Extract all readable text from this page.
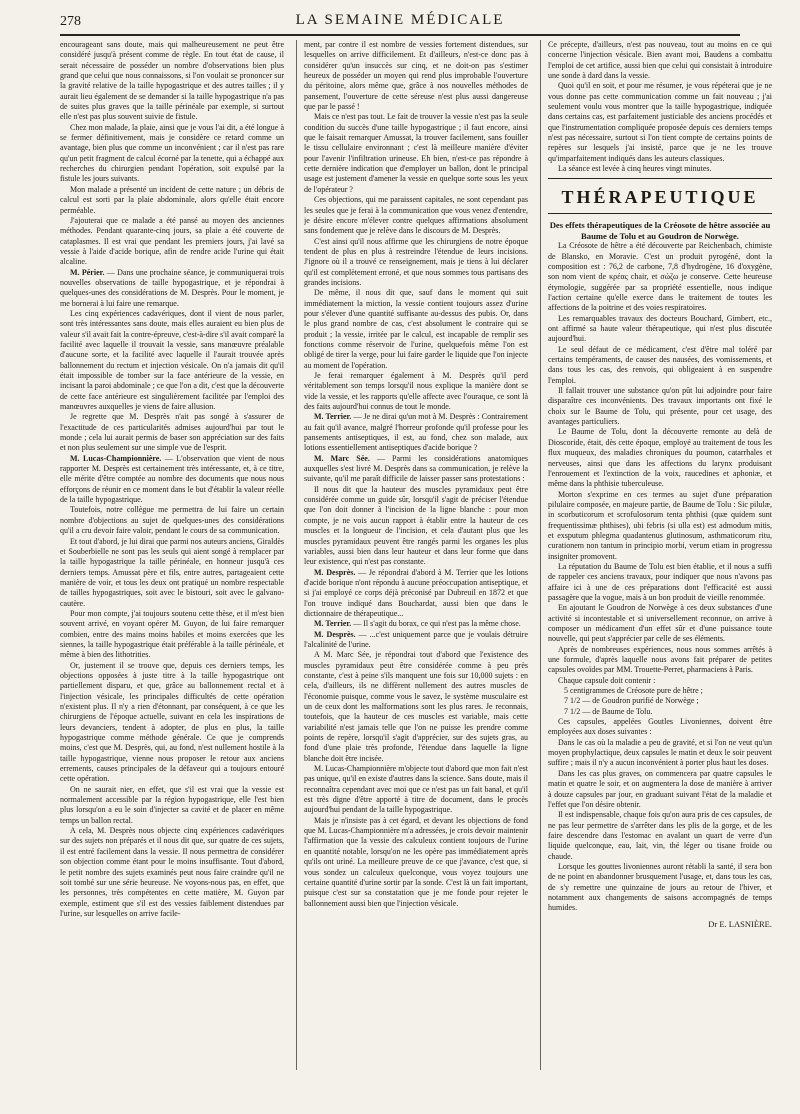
278	LA SEMAINE MÉDICALE

encourageant sans doute, mais qui malheureusement ne peut être considéré jusqu'à présent comme de règle. En tout état de cause, il serait nécessaire de posséder un nombre d'observations bien plus grand que celui que nous connaissons, si l'on voulait se prononcer sur la gravité relative de la taille hypogastrique et des autres tailles ; il y aurait lieu également de se demander si la taille hypogastrique n'a pas de suites plus graves que la taille périnéale par exemple, si surtout elle n'est pas plus souvent suivie de fistule.

Chez mon malade, la plaie, ainsi que je vous l'ai dit, a été longue à se fermer définitivement, mais je considère ce retard comme un avantage, bien plus que comme un inconvénient ; car il n'est pas rare qu'un petit fragment de calcul écorné par la tenette, qui a échappé aux recherches du chirurgien pendant l'opération, soit expulsé par la fistule les jours suivants.

Mon malade a présenté un incident de cette nature ; un débris de calcul est sorti par la plaie abdominale, alors qu'elle était encore perméable.

J'ajouterai que ce malade a été pansé au moyen des anciennes méthodes. Pendant quarante-cinq jours, sa plaie a été couverte de cataplasmes. Il est vrai que pendant les premiers jours, j'ai lavé sa vessie à l'aide d'acide borique, afin de rendre acide l'urine qui était alcaline.

M. Périer. — Dans une prochaine séance, je communiquerai trois nouvelles observations de taille hypogastrique, et je répondrai à quelques-unes des considérations de M. Desprès. Pour le moment, je me bornerai à lui faire une remarque.

Les cinq expériences cadavériques, dont il vient de nous parler, sont très intéressantes sans doute, mais elles auraient eu bien plus de valeur s'il avait fait la contre-épreuve, c'est-à-dire s'il avait comparé la facilité avec laquelle il trouvait la vessie, sans manœuvre préalable d'aucune sorte, et la facilité avec laquelle il l'aurait trouvée après ballonnement du rectum et injection vésicale. On n'a jamais dit qu'il était impossible de tomber sur la face antérieure de la vessie, en incisant la paroi abdominale ; ce que l'on a dit, c'est que la découverte de cette face antérieure est singulièrement facilitée par l'emploi des manœuvres auxquelles je viens de faire allusion.

Je regrette que M. Desprès n'ait pas songé à s'assurer de l'exactitude de ces particularités admises aujourd'hui par tout le monde ; cela lui aurait permis de baser son appréciation sur des faits et non plus seulement sur une simple vue de l'esprit.

M. Lucas-Championnière. — L'observation que vient de nous rapporter M. Desprès est certainement très intéressante, et, à ce titre, elle mérite d'être comptée au nombre des documents que nous nous efforçons de réunir en ce moment dans le but d'établir la valeur réelle de la taille hypogastrique.

Toutefois, notre collègue me permettra de lui faire un certain nombre d'objections au sujet de quelques-unes des considérations qu'il a cru devoir faire valoir, pendant le cours de sa communication.

Et tout d'abord, je lui dirai que parmi nos auteurs anciens, Giraldès et Souberbielle ne sont pas les seuls qui aient songé à remplacer par la taille hypogastrique la taille périnéale, en honneur jusqu'à ces derniers temps. Amussat père et fils, entre autres, partageaient cette manière de voir, et tous les deux ont pratiqué un nombre respectable de tailles hypogastriques, soit avec le bistouri, soit avec le galvano-cautère.

Pour mon compte, j'ai toujours soutenu cette thèse, et il m'est bien souvent arrivé, en voyant opérer M. Guyon, de lui faire remarquer combien, entre des mains moins habiles et moins exercées que les siennes, la taille hypogastrique était préférable à la taille périnéale, et même à bien des lithotrities.

Or, justement il se trouve que, depuis ces derniers temps, les objections opposées à juste titre à la taille hypogastrique ont partiellement disparu, et que, grâce au ballonnement rectal et à l'injection vésicale, les principales difficultés de cette opération n'existent plus. Il n'y a rien d'étonnant, par conséquent, à ce que les chirurgiens de l'époque actuelle, suivant en cela les inspirations de leurs devanciers, tendent à adopter, de plus en plus, la taille hypogastrique comme méthode générale. Ce que je comprends moins, c'est que M. Desprès, qui, au fond, n'est nullement hostile à la taille hypogastrique, vienne nous proposer le retour aux anciens errements, causes principales de la défaveur qui a toujours entouré cette opération.

On ne saurait nier, en effet, que s'il est vrai que la vessie est normalement accessible par la région hypogastrique, elle l'est bien plus lorsqu'on a eu le soin d'injecter sa cavité et de placer en même temps un ballon rectal.

A cela, M. Desprès nous objecte cinq expériences cadavériques sur des sujets non préparés et il nous dit que, sur quatre de ces sujets, il est entré facilement dans la vessie. Il nous permettra de considérer son objection comme étant pour le moins insuffisante. Tout d'abord, le petit nombre des sujets examinés peut nous faire craindre qu'il ne soit tombé sur une série heureuse. Ne voyons-nous pas, en effet, que les personnes, très compétentes en cette matière, M. Guyon par exemple, estiment que s'il est des vessies faiblement distendues par l'urine, sur lesquelles on arrive facile-

ment, par contre il est nombre de vessies fortement distendues, sur lesquelles on arrive difficilement. Et d'ailleurs, n'est-ce donc pas à considérer qu'un insuccès sur cinq, et ne doit-on pas s'estimer heureux de posséder un moyen qui rend plus improbable l'ouverture du péritoine, alors même que, grâce à nos nouvelles méthodes de pansement, l'ouverture de cette séreuse n'est plus aussi dangereuse que par le passé !

Mais ce n'est pas tout. Le fait de trouver la vessie n'est pas la seule condition du succès d'une taille hypogastrique ; il faut encore, ainsi que le faisait remarquer Amussat, la trouver facilement, sans fouiller le tissu cellulaire environnant ; c'est là meilleure manière d'éviter pour l'avenir l'infiltration urineuse. Eh bien, n'est-ce pas répondre à cette dernière indication que d'employer un ballon, dont le principal usage est justement d'amener la vessie en quelque sorte sous les yeux de l'opérateur ?

Ces objections, qui me paraissent capitales, ne sont cependant pas les seules que je ferai à la communication que vous venez d'entendre, je désire encore m'élever contre quelques affirmations absolument sans fondement que je relève dans le discours de M. Desprès.

C'est ainsi qu'il nous affirme que les chirurgiens de notre époque tendent de plus en plus à restreindre l'étendue de leurs incisions. J'ignore où il a trouvé ce renseignement, mais je tiens à lui déclarer qu'il est complètement erroné, et que nous sommes tous partisans des grandes incisions.

De même, il nous dit que, sauf dans le moment qui suit immédiatement la miction, la vessie contient toujours assez d'urine pour s'élever d'une quantité suffisante au-dessus des pubis. Or, dans le plus grand nombre de cas, c'est absolument le contraire qui se produit ; la vessie, irritée par le calcul, est incapable de remplir ses fonctions comme réservoir de l'urine, quelquefois même l'on est obligé de tirer la verge, pour lui faire garder le liquide que l'on injecte au moment de l'opération.

Je ferai remarquer également à M. Desprès qu'il perd véritablement son temps lorsqu'il nous explique la manière dont se vide la vessie, et les rapports qu'elle affecte avec l'ouraque, ce sont là des faits aujourd'hui connus de tout le monde.

M. Terrier. — Je ne dirai qu'un mot à M. Desprès : Contrairement au fait qu'il avance, malgré l'horreur profonde qu'il professe pour les pansements antiseptiques, il est, au fond, chez son malade, aux lotions essentiellement antiseptiques d'acide borique ?

M. Marc Sée. — Parmi les considérations anatomiques auxquelles s'est livré M. Desprès dans sa communication, je relève la suivante, qu'il me paraît difficile de laisser passer sans protestations :

Il nous dit que la hauteur des muscles pyramidaux peut être considérée comme un guide sûr, lorsqu'il s'agit de préciser l'étendue que l'on doit donner à l'incision de la ligne blanche : pour mon compte, je ne vois aucun rapport à établir entre la hauteur de ces muscles et la longueur de l'incision, et cela d'autant plus que les muscles pyramidaux peuvent être rangés parmi les organes les plus variables, aussi bien dans leur hauteur et dans leur forme que dans leur existence, qui n'est pas constante.

M. Desprès. — Je répondrai d'abord à M. Terrier que les lotions d'acide borique n'ont répondu à aucune préoccupation antiseptique, et si j'ai employé ce corps déjà préconisé par Dubreuil en 1872 et que l'on trouve indiqué dans Bouchardat, aussi bien que dans le dictionnaire de thérapeutique...

M. Terrier. — Il s'agit du borax, ce qui n'est pas la même chose.

M. Desprès. — ...c'est uniquement parce que je voulais détruire l'alcalinité de l'urine.

A M. Marc Sée, je répondrai tout d'abord que l'existence des muscles pyramidaux peut être considérée comme à peu près constante, c'est à peine s'ils manquent une fois sur 10,000 sujets : en cela, d'ailleurs, ils ne diffèrent nullement des autres muscles de l'économie puisque, comme vous le savez, le système musculaire est un de ceux dont les malformations sont les plus rares. Je reconnais, toutefois, que la hauteur de ces muscles est variable, mais cette variabilité n'est jamais telle que l'on ne puisse les prendre comme points de repère, lorsqu'il s'agit d'apprécier, sur des sujets gras, au fond d'une plaie très profonde, l'étendue dans laquelle la ligne blanche doit être incisée.

M. Lucas-Championnière m'objecte tout d'abord que mon fait n'est pas unique, qu'il en existe d'autres dans la science. Sans doute, mais il reconnaîtra cependant avec moi que ce n'est pas un fait banal, et qu'il est très digne d'être apporté à titre de document, dans le procès aujourd'hui pendant de la taille hypogastrique.

Mais je n'insiste pas à cet égard, et devant les objections de fond que M. Lucas-Championnière m'a adressées, je crois devoir maintenir l'affirmation que la vessie des calculeux contient toujours de l'urine en quantité notable, lorsqu'on ne les opère pas immédiatement après qu'ils ont uriné. La meilleure preuve de ce que j'avance, c'est que, si vous sondez un calculeux quelconque, vous voyez toujours une certaine quantité d'urine sortir par la sonde. C'est là un fait important, puisque c'est sur sa constatation que je me fonde pour rejeter le ballonnement aussi bien que l'injection vésicale.

Ce précepte, d'ailleurs, n'est pas nouveau, tout au moins en ce qui concerne l'injection vésicale. Bien avant moi, Baudens a combattu l'emploi de cet artifice, aussi bien que celui qui consistait à introduire une sonde à dard dans la vessie.

Quoi qu'il en soit, et pour me résumer, je vous répéterai que je ne vous donne pas cette communication comme un fait nouveau ; j'ai seulement voulu vous montrer que la taille hypogastrique, indiquée dans certains cas, est parfaitement justiciable des anciens procédés et que l'instrumentation compliquée proposée depuis ces derniers temps n'est pas nécessaire, surtout si l'on tient compte de certains points de repères sur lesquels j'ai insisté, parce que je ne les trouve qu'imparfaitement indiqués dans les auteurs classiques.

La séance est levée à cinq heures vingt minutes.

THÉRAPEUTIQUE

Des effets thérapeutiques de la Créosote de hêtre associée au Baume de Tolu et au Goudron de Norwège.

La Créosote de hêtre a été découverte par Reichenbach, chimiste de Blansko, en Moravie. C'est un produit pyrogéné, dont la composition est : 76,2 de carbone, 7,8 d'hydrogène, 16 d'oxygène, son nom vient de κρέας chair, et σώζω je conserve. Cette heureuse étymologie, suggérée par sa propriété essentielle, nous indique l'action certaine qu'elle exerce dans le traitement de toutes les affections de la poitrine et des voies respiratoires.

Les remarquables travaux des docteurs Bouchard, Gimbert, etc., ont affirmé sa haute valeur thérapeutique, qui n'est plus discutée aujourd'hui.

Le seul défaut de ce médicament, c'est d'être mal toléré par certains tempéraments, de causer des nausées, des vomissements, et dans tous les cas, des renvois, qui obligeaient à en suspendre l'emploi.

Il fallait trouver une substance qu'on pût lui adjoindre pour faire disparaître ces inconvénients. Des travaux importants ont fixé le choix sur le Baume de Tolu, qui présente, pour cet usage, des avantages particuliers.

Le Baume de Tolu, dont la découverte remonte au delà de Dioscoride, était, dès cette époque, employé au traitement de tous les flux muqueux, des maladies chroniques du poumon, catarrhales et nerveuses, ainsi que dans les affections du larynx produisant l'enrouement et l'extinction de la voix, raucedines et aphoniæ, et même dans la phthisie tuberculeuse.

Morton s'exprime en ces termes au sujet d'une préparation pilulaire composée, en majeure partie, de Baume de Tolu : Sic pilulæ, in scorbuticorum et scrofulosorum tenta phthisi (quæ quidem sunt frequentissimæ phthises), ubi febris (si ulla est) est admodum mitis, et exsputum phlegma quadantenus glutinosum, asthmaticorum ritu, curationem non tantum in principio morbi, verum etiam in progressu insigniter promovent.

La réputation du Baume de Tolu est bien établie, et il nous a suffi de rappeler ces anciens travaux, pour indiquer que nous n'avons pas affaire ici à une de ces préparations dont l'efficacité est aussi passagère que la vogue, mais à un bon produit de vieille renommée.

En ajoutant le Goudron de Norwège à ces deux substances d'une activité si incontestable et si universellement reconnue, on arrive à composer un médicament d'un effet sûr et d'une puissance toute nouvelle, qui peut s'apprécier par celle de ses éléments.

Après de nombreuses expériences, nous nous sommes arrêtés à une formule, d'après laquelle nous avons fait préparer de petites capsules ovoïdes par MM. Trouette-Perret, pharmaciens à Paris.

Chaque capsule doit contenir :

5 centigrammes de Créosote pure de hêtre ;

7 1/2 — de Goudron purifié de Norwège ;

7 1/2 — de Baume de Tolu.

Ces capsules, appelées Goutles Livoniennes, doivent être employées aux doses suivantes :

Dans le cas où la maladie a peu de gravité, et si l'on ne veut qu'un moyen prophylactique, deux capsules le matin et deux le soir peuvent suffire ; mais il n'y a aucun inconvénient à porter plus haut les doses.

Dans les cas plus graves, on commencera par quatre capsules le matin et quatre le soir, et on augmentera la dose de manière à arriver à douze capsules par jour, en graduant suivant l'état de la maladie et l'effet que l'on désire obtenir.

Il est indispensable, chaque fois qu'on aura pris de ces capsules, de ne pas leur permettre de s'arrêter dans les plis de la gorge, et de les faire descendre dans l'estomac en avalant un quart de verre d'un liquide quelconque, eau, lait, vin, thé léger ou tisane froide ou chaude.

Lorsque les gouttes livoniennes auront rétabli la santé, il sera bon de ne point en abandonner brusquement l'usage, et, dans tous les cas, de s'y remettre une quinzaine de jours au retour de l'hiver, et notamment aux changements de saisons accompagnés de temps humides.

Dr E. LASNIÈRE.
